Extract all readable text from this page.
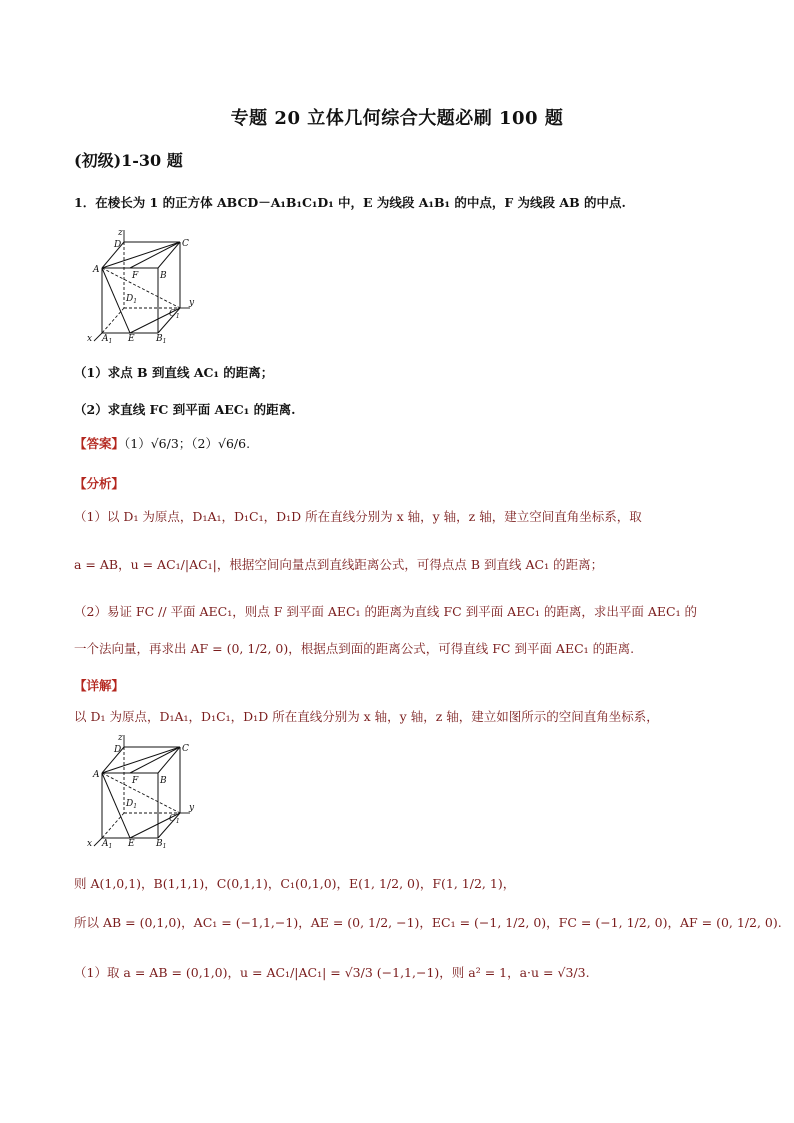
专题 20 立体几何综合大题必刷 100 题
(初级)1-30 题
1．在棱长为 1 的正方体 ABCD－A₁B₁C₁D₁ 中，E 为线段 A₁B₁ 的中点，F 为线段 AB 的中点.
z
D	C
A
F B
$D_1$	y
$C_1$
x $A_1$ E $B_1$
（1）求点 B 到直线 AC₁ 的距离；
（2）求直线 FC 到平面 AEC₁ 的距离.
【答案】（1）√6/3；（2）√6/6.
【分析】
（1）以 D₁ 为原点，D₁A₁，D₁C₁，D₁D 所在直线分别为 x 轴，y 轴，z 轴，建立空间直角坐标系，取
a = AB，u = AC₁/|AC₁|，根据空间向量点到直线距离公式，可得点点 B 到直线 AC₁ 的距离；
（2）易证 FC // 平面 AEC₁，则点 F 到平面 AEC₁ 的距离为直线 FC 到平面 AEC₁ 的距离，求出平面 AEC₁ 的
一个法向量，再求出 AF = (0, 1/2, 0)，根据点到面的距离公式，可得直线 FC 到平面 AEC₁ 的距离.
【详解】
以 D₁ 为原点，D₁A₁，D₁C₁，D₁D 所在直线分别为 x 轴，y 轴，z 轴，建立如图所示的空间直角坐标系，
z
D	C
A
F B
$D_1$	y
$C_1$
x $A_1$ E $B_1$
则 A(1,0,1)，B(1,1,1)，C(0,1,1)，C₁(0,1,0)，E(1, 1/2, 0)，F(1, 1/2, 1)，
所以 AB = (0,1,0)，AC₁ = (−1,1,−1)，AE = (0, 1/2, −1)，EC₁ = (−1, 1/2, 0)，FC = (−1, 1/2, 0)，AF = (0, 1/2, 0).
（1）取 a = AB = (0,1,0)，u = AC₁/|AC₁| = √3/3 (−1,1,−1)，则 a² = 1，a·u = √3/3.
